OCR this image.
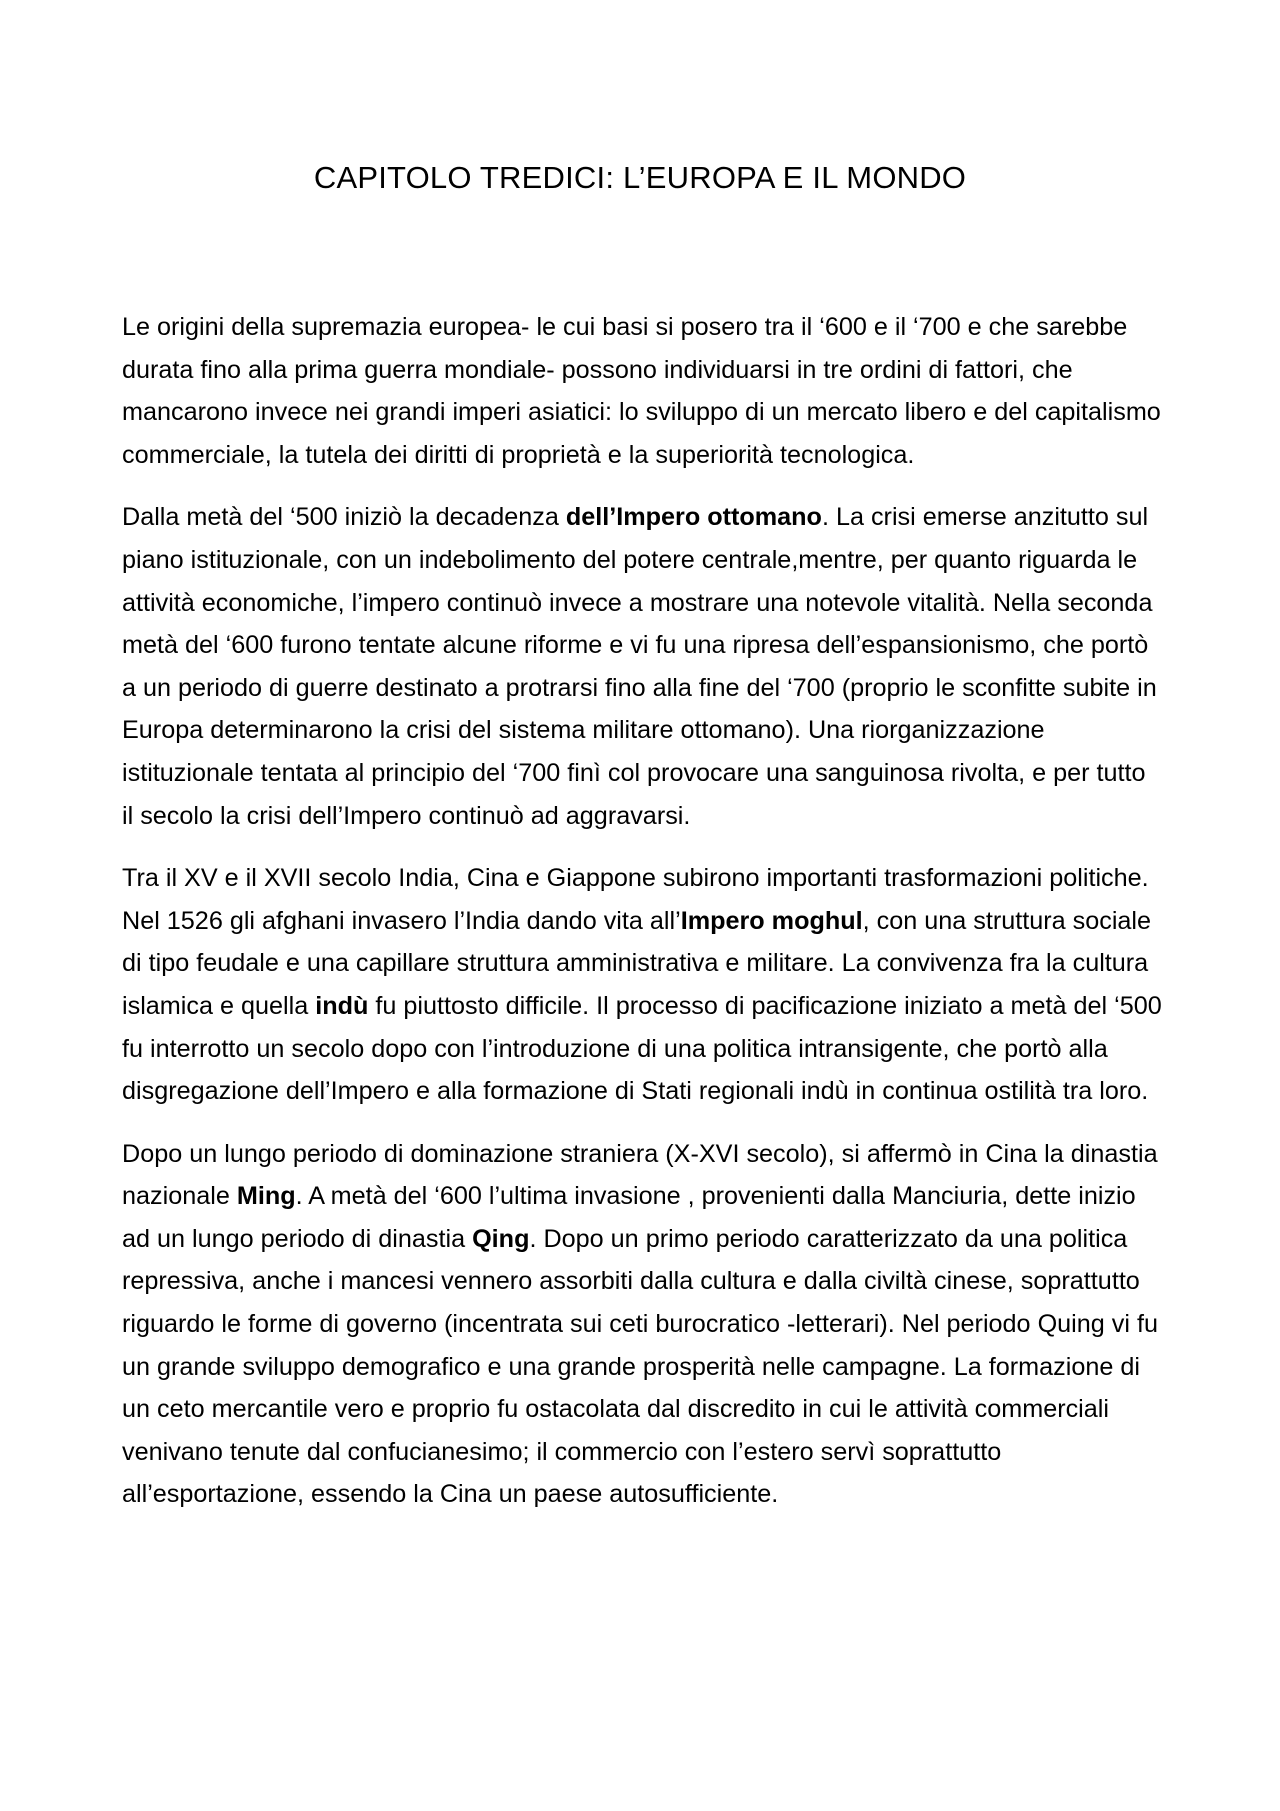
CAPITOLO TREDICI: L’EUROPA E IL MONDO

Le origini della supremazia europea- le cui basi si posero tra il ‘600 e il ‘700 e che sarebbe durata fino alla prima guerra mondiale- possono individuarsi in tre ordini di fattori, che mancarono invece nei grandi imperi asiatici: lo sviluppo di un mercato libero e del capitalismo commerciale, la tutela dei diritti di proprietà e la superiorità tecnologica.

Dalla metà del ‘500 iniziò la decadenza dell’Impero ottomano. La crisi emerse anzitutto sul piano istituzionale, con un indebolimento del potere centrale,mentre, per quanto riguarda le attività economiche, l’impero continuò invece a mostrare una notevole vitalità. Nella seconda metà del ‘600 furono tentate alcune riforme e vi fu una ripresa dell’espansionismo, che portò a un periodo di guerre destinato a protrarsi fino alla fine del ‘700 (proprio le sconfitte subite in Europa determinarono la crisi del sistema militare ottomano). Una riorganizzazione istituzionale tentata al principio del ‘700 finì col provocare una sanguinosa rivolta, e per tutto il secolo la crisi dell’Impero continuò ad aggravarsi.

Tra il XV e il XVII secolo India, Cina e Giappone subirono importanti trasformazioni politiche. Nel 1526 gli afghani invasero l’India dando vita all’Impero moghul, con una struttura sociale di tipo feudale e una capillare struttura amministrativa e militare. La convivenza fra la cultura islamica e quella indù fu piuttosto difficile. Il processo di pacificazione iniziato a metà del ‘500 fu interrotto un secolo dopo con l’introduzione di una politica intransigente, che portò alla disgregazione dell’Impero e alla formazione di Stati regionali indù in continua ostilità tra loro.

Dopo un lungo periodo di dominazione straniera (X-XVI secolo), si affermò in Cina la dinastia nazionale Ming. A metà del ‘600 l’ultima invasione , provenienti dalla Manciuria, dette inizio ad un lungo periodo di dinastia Qing. Dopo un primo periodo caratterizzato da una politica repressiva, anche i mancesi vennero assorbiti dalla cultura e dalla civiltà cinese, soprattutto riguardo le forme di governo (incentrata sui ceti burocratico -letterari). Nel periodo Quing vi fu un grande sviluppo demografico e una grande prosperità nelle campagne. La formazione di un ceto mercantile vero e proprio fu ostacolata dal discredito in cui le attività commerciali venivano tenute dal confucianesimo; il commercio con l’estero servì soprattutto all’esportazione, essendo la Cina un paese autosufficiente.
